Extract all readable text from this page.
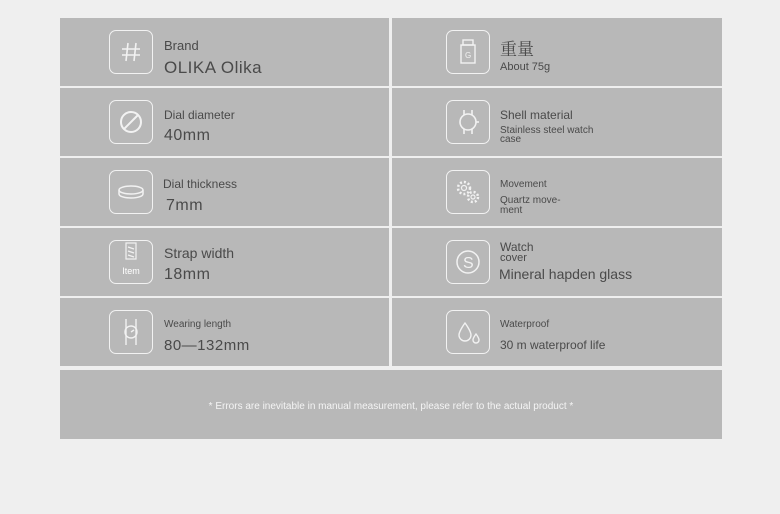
Brand
OLIKA Olika
G 重量
About 75g
Dial diameter
40mm
Shell material
Stainless steel watch
case
Dial thickness
7mm
Movement
Quartz move-
ment
Item
Strap width
18mm
S
Watch
cover
Mineral hapden glass
Wearing length
80—132mm
Waterproof
30 m waterproof life
* Errors are inevitable in manual measurement, please refer to the actual product *
